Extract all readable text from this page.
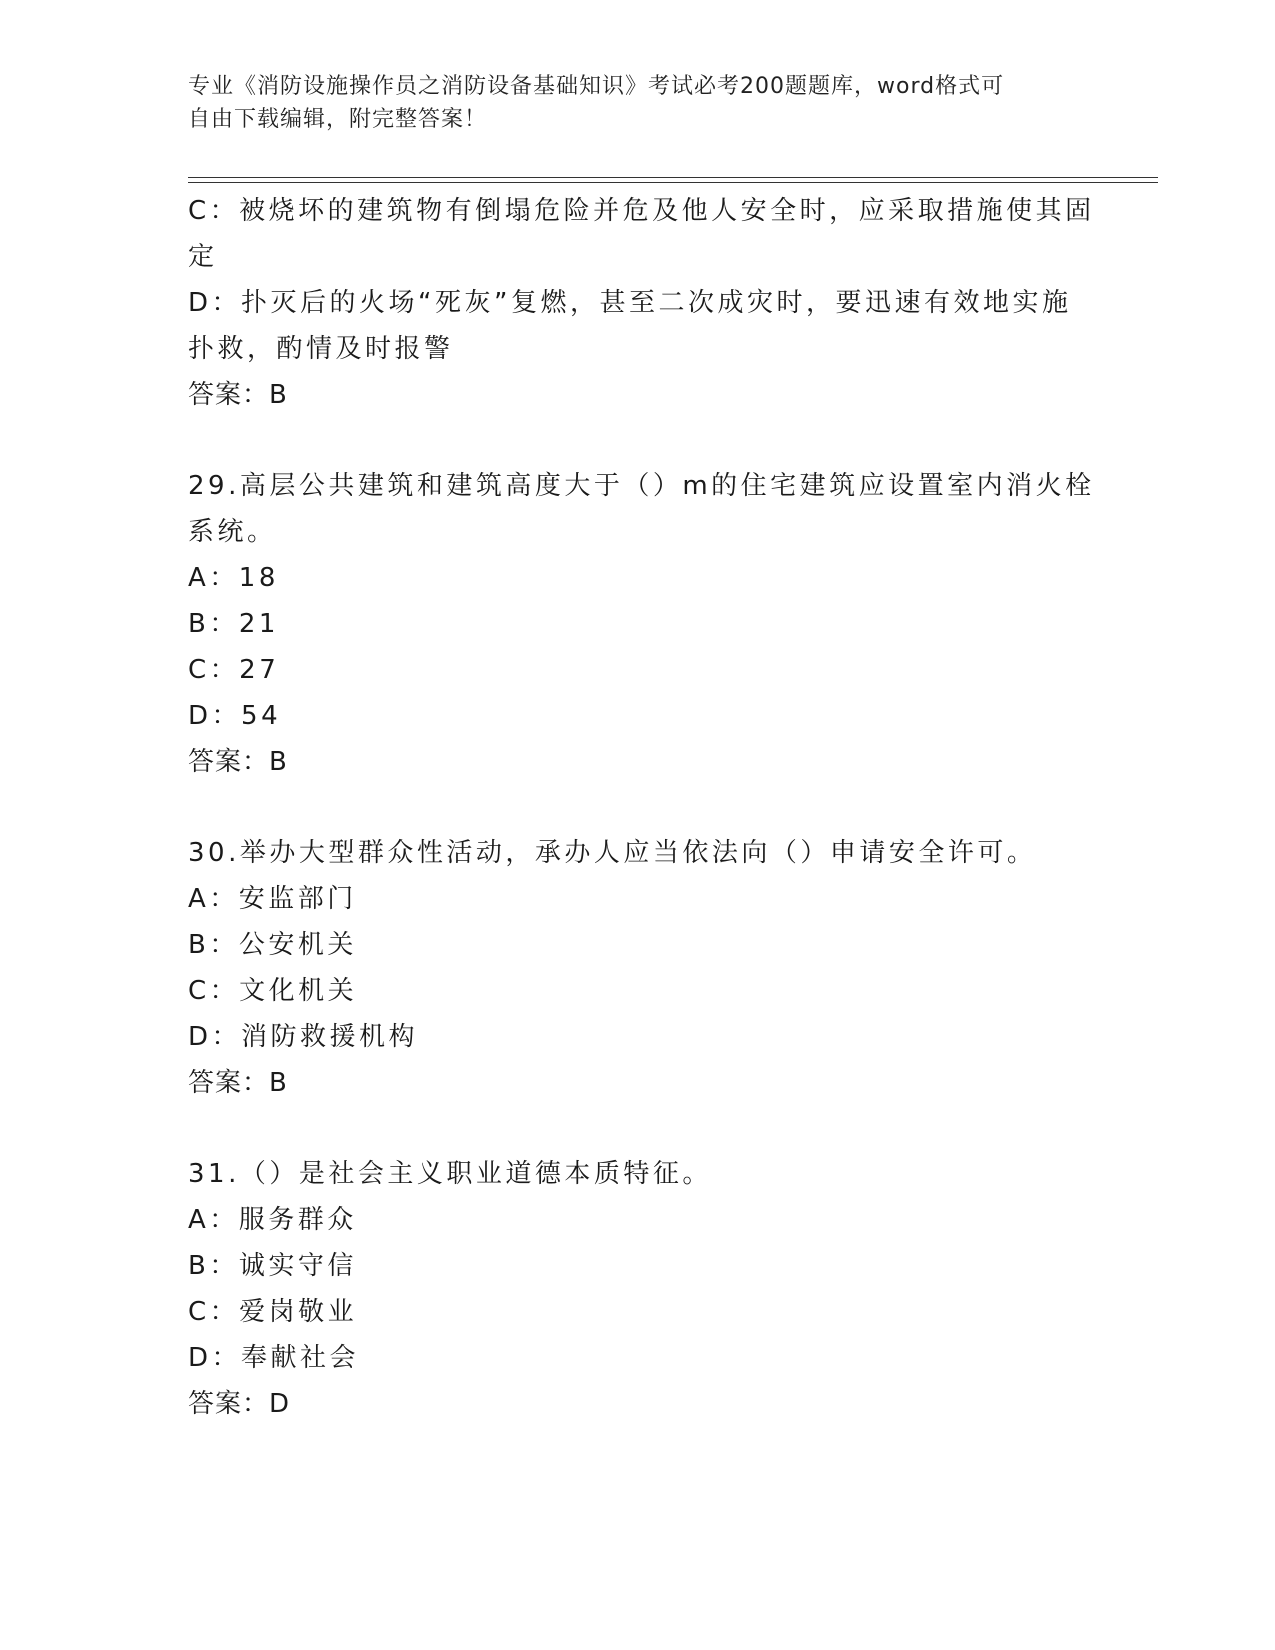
专业《消防设施操作员之消防设备基础知识》考试必考200题题库，word格式可
自由下载编辑，附完整答案！
C：被烧坏的建筑物有倒塌危险并危及他人安全时，应采取措施使其固
定
D：扑灭后的火场“死灰”复燃，甚至二次成灾时，要迅速有效地实施
扑救，酌情及时报警
答案：B
29.高层公共建筑和建筑高度大于（）m的住宅建筑应设置室内消火栓
系统。
A：18
B：21
C：27
D：54
答案：B
30.举办大型群众性活动，承办人应当依法向（）申请安全许可。
A：安监部门
B：公安机关
C：文化机关
D：消防救援机构
答案：B
31.（）是社会主义职业道德本质特征。
A：服务群众
B：诚实守信
C：爱岗敬业
D：奉献社会
答案：D
